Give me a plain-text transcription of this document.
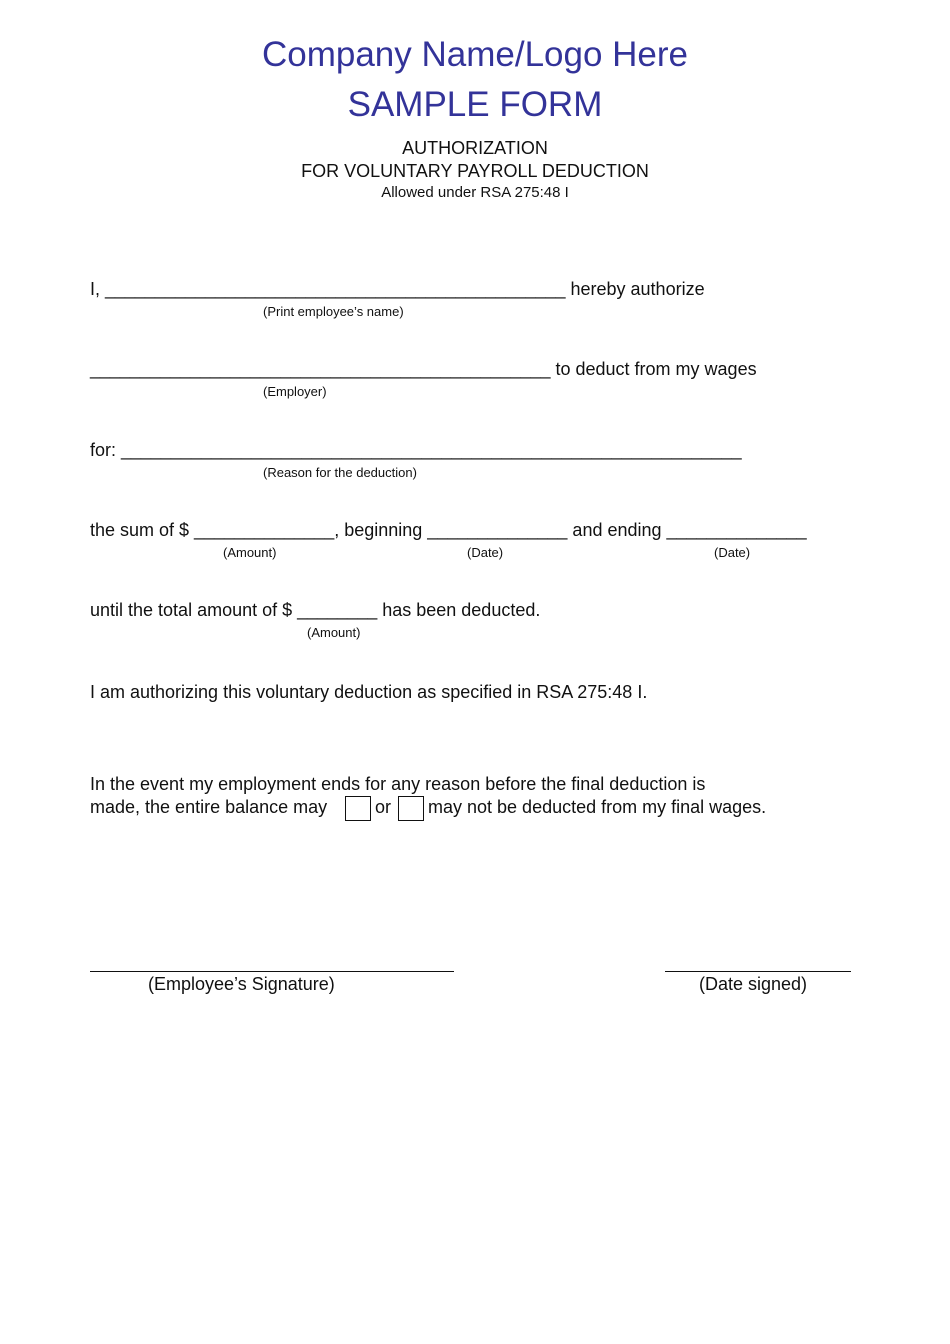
Company Name/Logo Here
SAMPLE FORM
AUTHORIZATION
FOR VOLUNTARY PAYROLL DEDUCTION
Allowed under RSA 275:48 I
I, ______________________________________________ hereby authorize
(Print employee’s name)
______________________________________________ to deduct from my wages
(Employer)
for: ______________________________________________________________
(Reason for the deduction)
the sum of $ ______________, beginning ______________ and ending ______________
(Amount)	(Date)	(Date)
until the total amount of $ ________ has been deducted.
(Amount)
I am authorizing this voluntary deduction as specified in RSA 275:48 I.
In the event my employment ends for any reason before the final deduction is
made, the entire balance may	or may not be deducted from my final wages.
(Employee’s Signature)	(Date signed)
